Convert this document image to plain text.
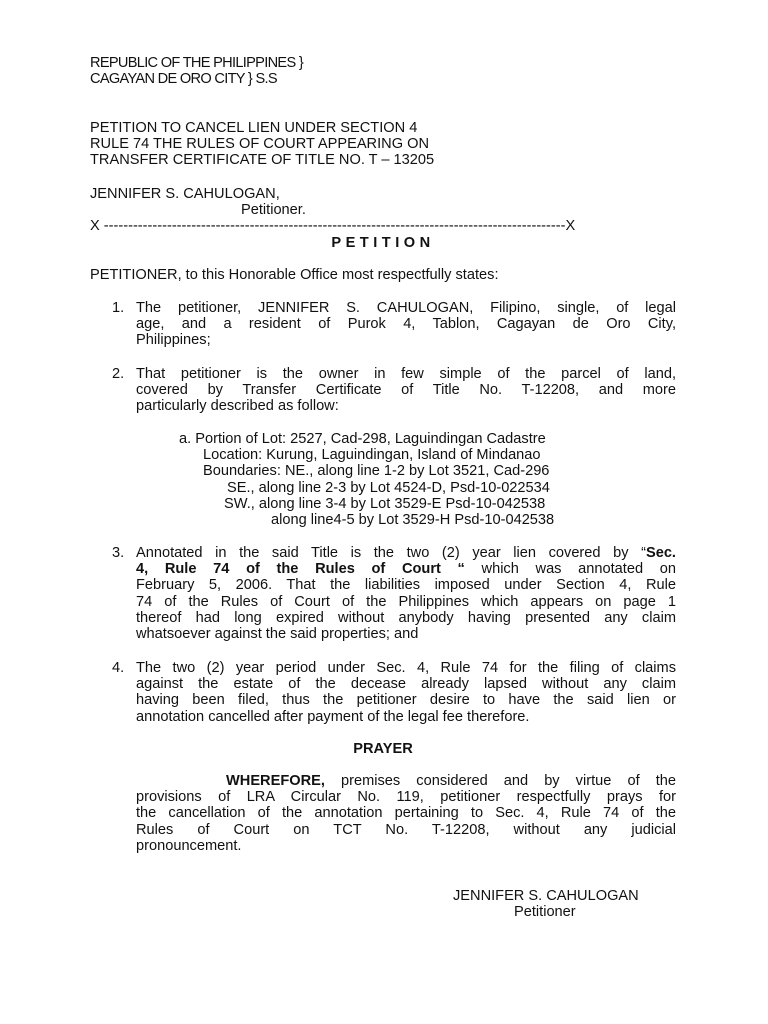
REPUBLIC OF THE PHILIPPINES }
CAGAYAN DE ORO CITY } S.S
PETITION TO CANCEL LIEN UNDER SECTION 4
RULE 74 THE RULES OF COURT APPEARING ON
TRANSFER CERTIFICATE OF TITLE NO. T – 13205
JENNIFER S. CAHULOGAN,
Petitioner.
X -----------------------------------------------------------------------------------------------X
PETITION
PETITIONER, to this Honorable Office most respectfully states:
1. The petitioner, JENNIFER S. CAHULOGAN, Filipino, single, of legal
age, and a resident of Purok 4, Tablon, Cagayan de Oro City,
Philippines;
2. That petitioner is the owner in few simple of the parcel of land,
covered by Transfer Certificate of Title No. T-12208, and more
particularly described as follow:
a. Portion of Lot: 2527, Cad-298, Laguindingan Cadastre
Location: Kurung, Laguindingan, Island of Mindanao
Boundaries: NE., along line 1-2 by Lot 3521, Cad-296
SE., along line 2-3 by Lot 4524-D, Psd-10-022534
SW., along line 3-4 by Lot 3529-E Psd-10-042538
along line4-5 by Lot 3529-H Psd-10-042538
3. Annotated in the said Title is the two (2) year lien covered by “Sec.
4, Rule 74 of the Rules of Court “ which was annotated on
February 5, 2006. That the liabilities imposed under Section 4, Rule
74 of the Rules of Court of the Philippines which appears on page 1
thereof had long expired without anybody having presented any claim
whatsoever against the said properties; and
4. The two (2) year period under Sec. 4, Rule 74 for the filing of claims
against the estate of the decease already lapsed without any claim
having been filed, thus the petitioner desire to have the said lien or
annotation cancelled after payment of the legal fee therefore.
PRAYER
WHEREFORE, premises considered and by virtue of the
provisions of LRA Circular No. 119, petitioner respectfully prays for
the cancellation of the annotation pertaining to Sec. 4, Rule 74 of the
Rules of Court on TCT No. T-12208, without any judicial
pronouncement.
JENNIFER S. CAHULOGAN
Petitioner
